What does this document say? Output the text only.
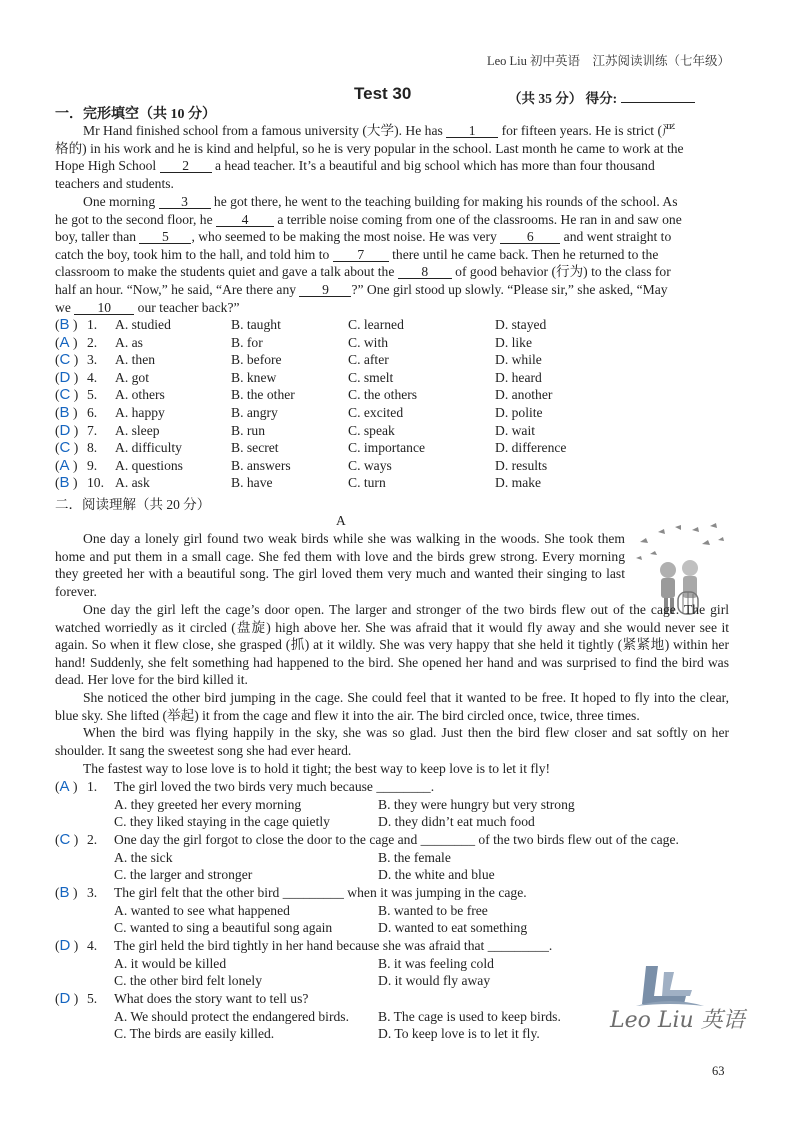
Leo Liu 初中英语　江苏阅读训练（七年级）
Test 30	（共 35 分） 得分:
一．完形填空（共 10 分）
Mr Hand finished school from a famous university (大学). He has 1 for fifteen years. He is strict (严
格的) in his work and he is kind and helpful, so he is very popular in the school. Last month he came to work at the
Hope High School 2 a head teacher. It’s a beautiful and big school which has more than four thousand
teachers and students.
One morning 3 he got there, he went to the teaching building for making his rounds of the school. As
he got to the second floor, he 4 a terrible noise coming from one of the classrooms. He ran in and saw one
boy, taller than 5 , who seemed to be making the most noise. He was very 6 and went straight to
catch the boy, took him to the hall, and told him to 7 there until he came back. Then he returned to the
classroom to make the students quiet and gave a talk about the 8 of good behavior (行为) to the class for
half an hour. “Now,” he said, “Are there any 9 ?” One girl stood up slowly. “Please sir,” she asked, “May
we 10 our teacher back?”
(B ) 1. A. studied	B. taught	C. learned	D. stayed
(A ) 2. A. as	B. for	C. with	D. like
(C ) 3. A. then	B. before	C. after	D. while
(D ) 4. A. got	B. knew	C. smelt	D. heard
(C ) 5. A. others	B. the other	C. the others	D. another
(B ) 6. A. happy	B. angry	C. excited	D. polite
(D ) 7. A. sleep	B. run	C. speak	D. wait
(C ) 8. A. difficulty	B. secret	C. importance	D. difference
(A ) 9. A. questions	B. answers	C. ways	D. results
(B ) 10. A. ask	B. have	C. turn	D. make
二．阅读理解（共 20 分）
A
One day a lonely girl found two weak birds while she was walking in the woods. She took them home and put them in a small cage. She fed them with love and the birds grew strong. Every morning they greeted her with a beautiful song. The girl loved them very much and wanted their singing to last forever.
One day the girl left the cage’s door open. The larger and stronger of the two birds flew out of the cage. The girl watched worriedly as it circled (盘旋) high above her. She was afraid that it would fly away and she would never see it again. So when it flew close, she grasped (抓) at it wildly. She was very happy that she held it tightly (紧紧地) within her hand! Suddenly, she felt something had happened to the bird. She opened her hand and was surprised to find the bird was dead. Her love for the bird killed it.
She noticed the other bird jumping in the cage. She could feel that it wanted to be free. It hoped to fly into the clear, blue sky. She lifted (举起) it from the cage and flew it into the air. The bird circled once, twice, three times.
When the bird was flying happily in the sky, she was so glad. Just then the bird flew closer and sat softly on her shoulder. It sang the sweetest song she had ever heard.
The fastest way to lose love is to hold it tight; the best way to keep love is to let it fly!
(A ) 1. The girl loved the two birds very much because ________.
A. they greeted her every morning	B. they were hungry but very strong
C. they liked staying in the cage quietly	D. they didn’t eat much food
(C ) 2. One day the girl forgot to close the door to the cage and ________ of the two birds flew out of the cage.
A. the sick	B. the female
C. the larger and stronger	D. the white and blue
(B ) 3. The girl felt that the other bird _________ when it was jumping in the cage.
A. wanted to see what happened	B. wanted to be free
C. wanted to sing a beautiful song again	D. wanted to eat something
(D ) 4. The girl held the bird tightly in her hand because she was afraid that _________.
A. it would be killed	B. it was feeling cold
C. the other bird felt lonely	D. it would fly away
(D ) 5. What does the story want to tell us?
A. We should protect the endangered birds. B. The cage is used to keep birds.
C. The birds are easily killed.	D. To keep love is to let it fly.
Leo Liu 英语
63
